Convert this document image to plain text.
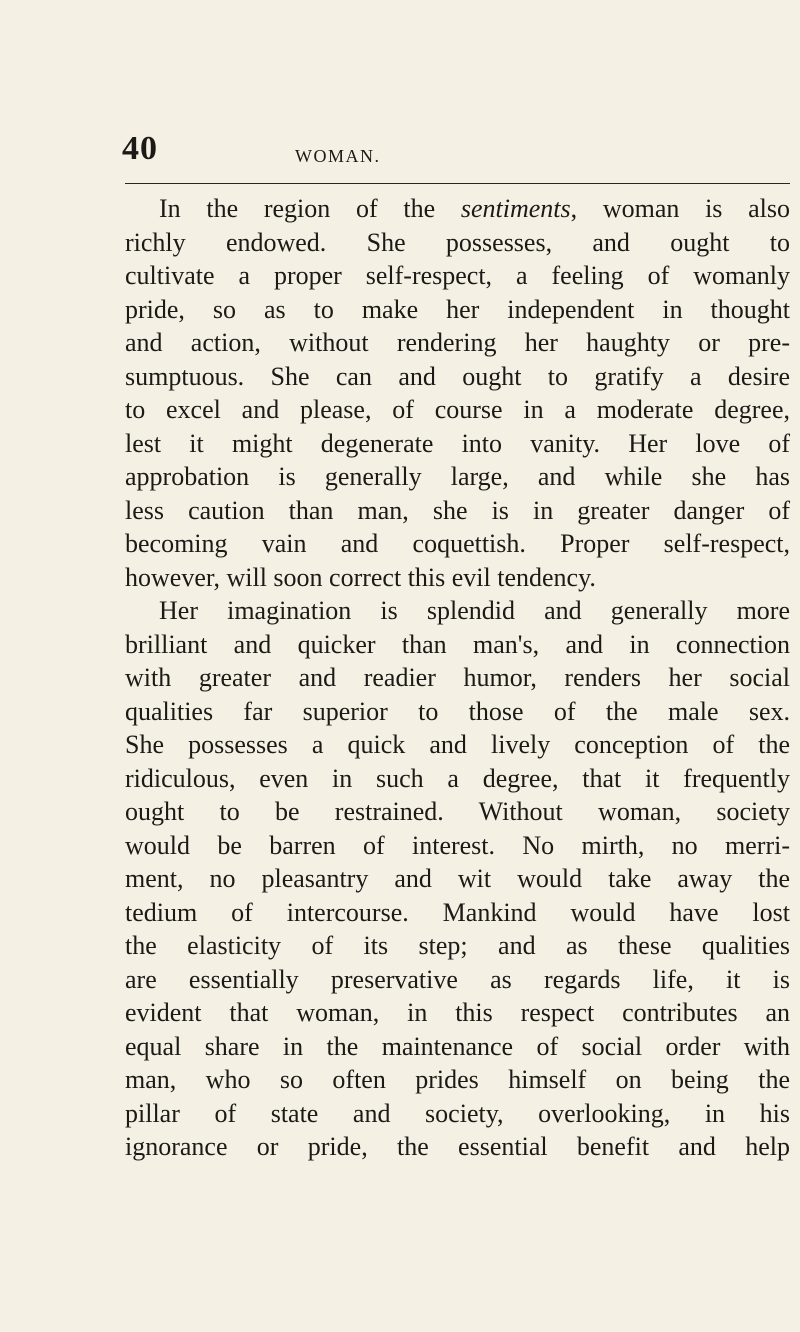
40	WOMAN.
In the region of the sentiments, woman is also
richly endowed. She possesses, and ought to
cultivate a proper self-respect, a feeling of womanly
pride, so as to make her independent in thought
and action, without rendering her haughty or pre-
sumptuous. She can and ought to gratify a desire
to excel and please, of course in a moderate degree,
lest it might degenerate into vanity. Her love of
approbation is generally large, and while she has
less caution than man, she is in greater danger of
becoming vain and coquettish. Proper self-respect,
however, will soon correct this evil tendency.
Her imagination is splendid and generally more
brilliant and quicker than man's, and in connection
with greater and readier humor, renders her social
qualities far superior to those of the male sex.
She possesses a quick and lively conception of the
ridiculous, even in such a degree, that it frequently
ought to be restrained. Without woman, society
would be barren of interest. No mirth, no merri-
ment, no pleasantry and wit would take away the
tedium of intercourse. Mankind would have lost
the elasticity of its step; and as these qualities
are essentially preservative as regards life, it is
evident that woman, in this respect contributes an
equal share in the maintenance of social order with
man, who so often prides himself on being the
pillar of state and society, overlooking, in his
ignorance or pride, the essential benefit and help
